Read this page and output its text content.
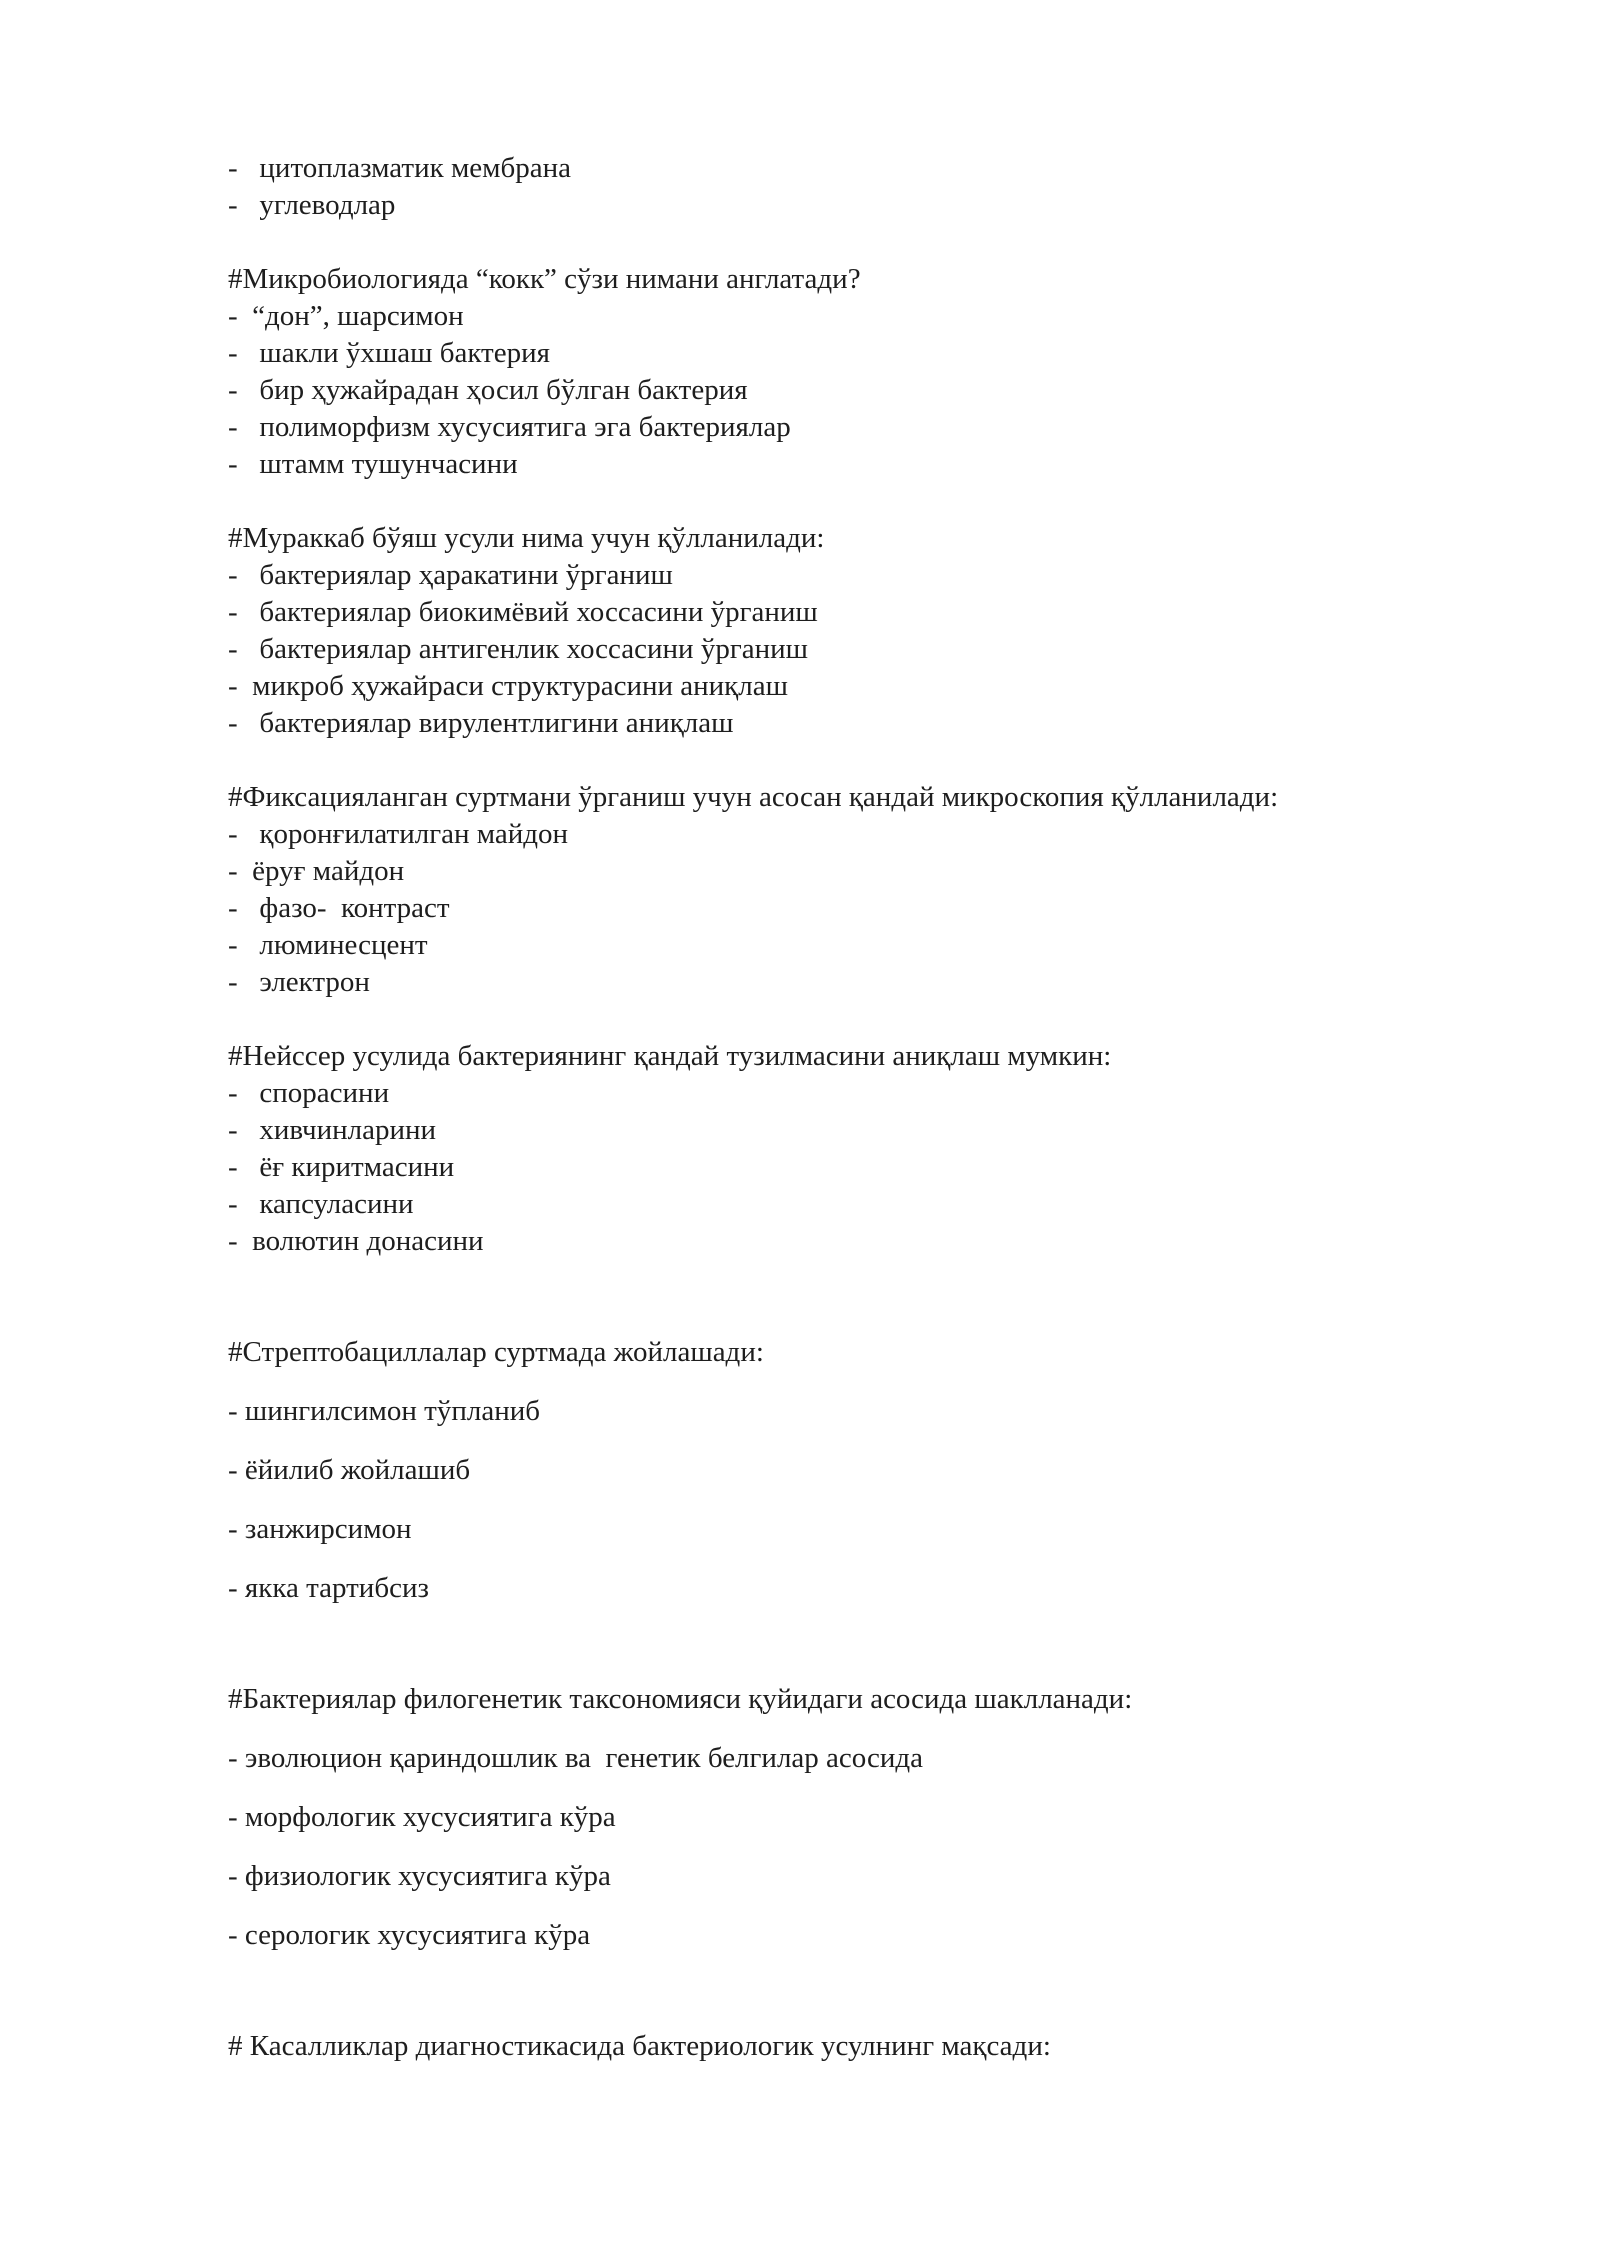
-   цитоплазматик мембрана
-   углеводлар
#Микробиологияда “кокк” сўзи нимани англатади?
-  “дон”, шарсимон
-   шакли ўхшаш бактерия
-   бир ҳужайрадан ҳосил бўлган бактерия
-   полиморфизм хусусиятига эга бактериялар
-   штамм тушунчасини
#Мураккаб бўяш усули нима учун қўлланилади:
-   бактериялар ҳаракатини ўрганиш
-   бактериялар биокимёвий хоссасини ўрганиш
-   бактериялар антигенлик хоссасини ўрганиш
-  микроб ҳужайраси структурасини аниқлаш
-   бактериялар вирулентлигини аниқлаш
#Фиксацияланган суртмани ўрганиш учун асосан қандай микроскопия қўлланилади:
-   қоронғилатилган майдон
-  ёруғ майдон
-   фазо-  контраст
-   люминесцент
-   электрон
#Нейссер усулида бактериянинг қандай тузилмасини аниқлаш мумкин:
-   спорасини
-   хивчинларини
-   ёғ киритмасини
-   капсуласини
-  волютин донасини
#Стрептобациллалар суртмада жойлашади:
- шингилсимон тўпланиб
- ёйилиб жойлашиб
- занжирсимон
- якка тартибсиз
#Бактериялар филогенетик таксономияси қуйидаги асосида шаклланади:
- эволюцион қариндошлик ва  генетик белгилар асосида
- морфологик хусусиятига кўра
- физиологик хусусиятига кўра
- серологик хусусиятига кўра
# Касалликлар диагностикасида бактериологик усулнинг мақсади:
